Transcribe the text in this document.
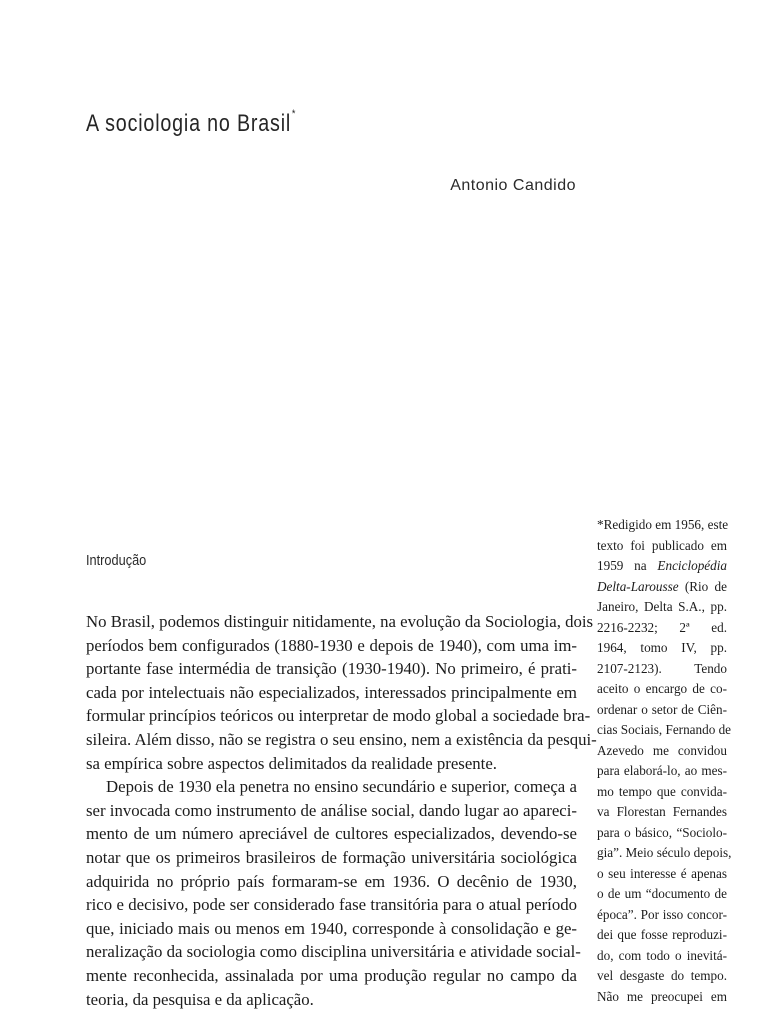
A sociologia no Brasil*
Antonio Candido
Introdução
No Brasil, podemos distinguir nitidamente, na evolução da Sociologia, dois
períodos bem configurados (1880-1930 e depois de 1940), com uma im-
portante fase intermédia de transição (1930-1940). No primeiro, é prati-
cada por intelectuais não especializados, interessados principalmente em
formular princípios teóricos ou interpretar de modo global a sociedade bra-
sileira. Além disso, não se registra o seu ensino, nem a existência da pesqui-
sa empírica sobre aspectos delimitados da realidade presente.
Depois de 1930 ela penetra no ensino secundário e superior, começa a
ser invocada como instrumento de análise social, dando lugar ao apareci-
mento de um número apreciável de cultores especializados, devendo-se
notar que os primeiros brasileiros de formação universitária sociológica
adquirida no próprio país formaram-se em 1936. O decênio de 1930,
rico e decisivo, pode ser considerado fase transitória para o atual período
que, iniciado mais ou menos em 1940, corresponde à consolidação e ge-
neralização da sociologia como disciplina universitária e atividade social-
mente reconhecida, assinalada por uma produção regular no campo da
teoria, da pesquisa e da aplicação.
*Redigido em 1956, este
texto foi publicado em
1959 na Enciclopédia
Delta-Larousse (Rio de
Janeiro, Delta S.A., pp.
2216-2232; 2ª ed.
1964, tomo IV, pp.
2107-2123). Tendo
aceito o encargo de co-
ordenar o setor de Ciên-
cias Sociais, Fernando de
Azevedo me convidou
para elaborá-lo, ao mes-
mo tempo que convida-
va Florestan Fernandes
para o básico, “Sociolo-
gia”. Meio século depois,
o seu interesse é apenas
o de um “documento de
época”. Por isso concor-
dei que fosse reproduzi-
do, com todo o inevitá-
vel desgaste do tempo.
Não me preocupei em
